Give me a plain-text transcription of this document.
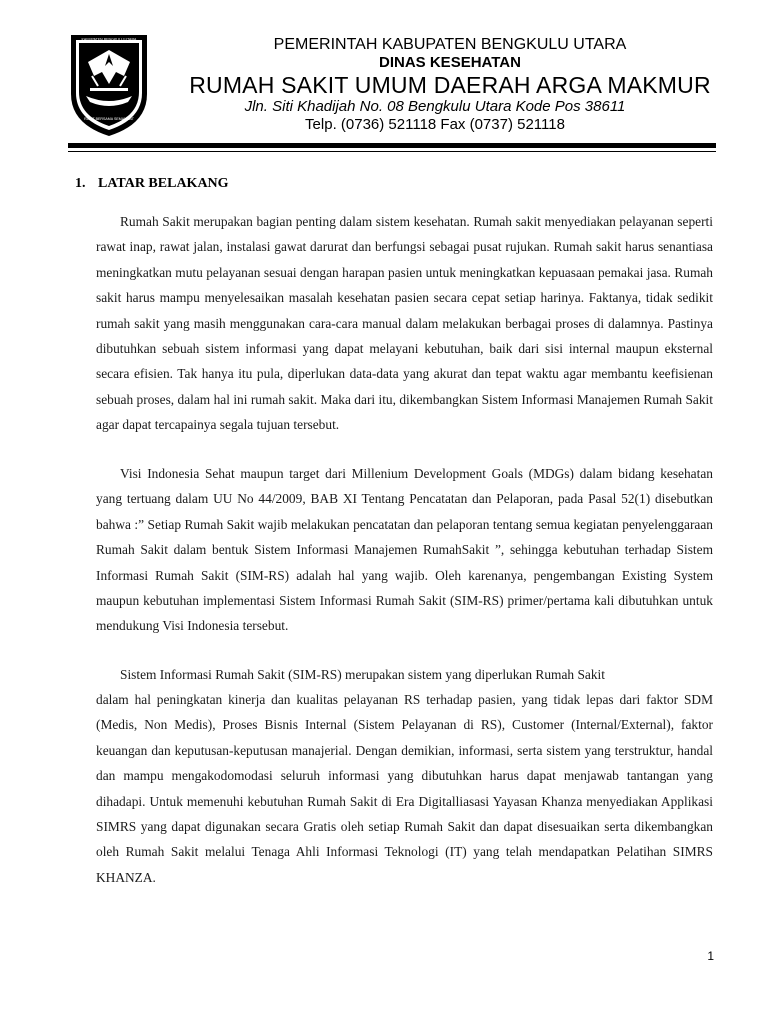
KABUPATEN BENGKULU UTARA
RAKIT BERSAMA SEMANGAT
PEMERINTAH KABUPATEN BENGKULU UTARA
DINAS KESEHATAN
RUMAH SAKIT UMUM DAERAH ARGA MAKMUR
Jln. Siti Khadijah No. 08 Bengkulu Utara Kode Pos 38611
Telp. (0736) 521118 Fax (0737) 521118
1. LATAR BELAKANG

Rumah Sakit merupakan bagian penting dalam sistem kesehatan. Rumah sakit menyediakan pelayanan seperti rawat inap, rawat jalan, instalasi gawat darurat dan berfungsi sebagai pusat rujukan. Rumah sakit harus senantiasa meningkatkan mutu pelayanan sesuai dengan harapan pasien untuk meningkatkan kepuasaan pemakai jasa. Rumah sakit harus mampu menyelesaikan masalah kesehatan pasien secara cepat setiap harinya. Faktanya, tidak sedikit rumah sakit yang masih menggunakan cara-cara manual dalam melakukan berbagai proses di dalamnya. Pastinya dibutuhkan sebuah sistem informasi yang dapat melayani kebutuhan, baik dari sisi internal maupun eksternal secara efisien. Tak hanya itu pula, diperlukan data-data yang akurat dan tepat waktu agar membantu keefisienan sebuah proses, dalam hal ini rumah sakit. Maka dari itu, dikembangkan Sistem Informasi Manajemen Rumah Sakit agar dapat tercapainya segala tujuan tersebut.

Visi Indonesia Sehat maupun target dari Millenium Development Goals (MDGs) dalam bidang kesehatan yang tertuang dalam UU No 44/2009, BAB XI Tentang Pencatatan dan Pelaporan, pada Pasal 52(1) disebutkan bahwa :” Setiap Rumah Sakit wajib melakukan pencatatan dan pelaporan tentang semua kegiatan penyelenggaraan Rumah Sakit dalam bentuk Sistem Informasi Manajemen RumahSakit ”, sehingga kebutuhan terhadap Sistem Informasi Rumah Sakit (SIM-RS) adalah hal yang wajib. Oleh karenanya, pengembangan Existing System maupun kebutuhan implementasi Sistem Informasi Rumah Sakit (SIM-RS) primer/pertama kali dibutuhkan untuk mendukung Visi Indonesia tersebut.

Sistem Informasi Rumah Sakit (SIM-RS) merupakan sistem yang diperlukan Rumah Sakit

dalam hal peningkatan kinerja dan kualitas pelayanan RS terhadap pasien, yang tidak lepas dari faktor SDM (Medis, Non Medis), Proses Bisnis Internal (Sistem Pelayanan di RS), Customer (Internal/External), faktor keuangan dan keputusan-keputusan manajerial. Dengan demikian, informasi, serta sistem yang terstruktur, handal dan mampu mengakodomodasi seluruh informasi yang dibutuhkan harus dapat menjawab tantangan yang dihadapi. Untuk memenuhi kebutuhan Rumah Sakit di Era Digitalliasasi Yayasan Khanza menyediakan Applikasi SIMRS yang dapat digunakan secara Gratis oleh setiap Rumah Sakit dan dapat disesuaikan serta dikembangkan oleh Rumah Sakit melalui Tenaga Ahli Informasi Teknologi (IT) yang telah mendapatkan Pelatihan SIMRS KHANZA.

1
